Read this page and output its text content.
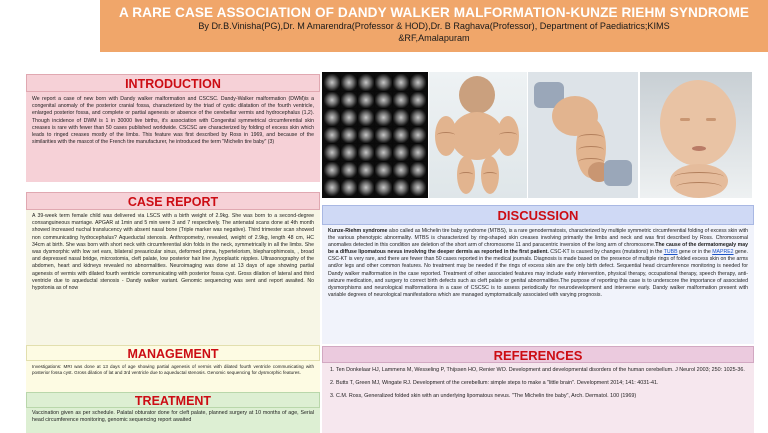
A RARE CASE ASSOCIATION OF DANDY WALKER MALFORMATION-KUNZE RIEHM SYNDROME
By Dr.B.Vinisha(PG),Dr. M Amarendra(Professor & HOD),Dr. B Raghava(Professor), Department of Paediatrics;KIMS
&RF,Amalapuram
INTRODUCTION
We report a case of new born with Dandy walker malformation and CSCSC. Dandy-Walker malformation (DWM)is a congenital anomaly of the posterior cranial fossa, characterized by the triad of cystic dilatation of the fourth ventricle, enlarged posterior fossa, and complete or partial agenesis or absence of the cerebellar vermis and hydrocephalus (1,2). Though incidence of DWM is 1 in 30000 live births, it's association with Congenital symmetrical circumferential skin creases is rare with fewer than 50 cases published worldwide. CSCSC are characterized by folding of excess skin which leads to ringed creases mostly of the limbs. This feature was first described by Ross in 1969, and because of the similarities with the mascot of the French tire manufacturer, he introduced the term "Michelin tire baby" (3)
CASE REPORT
A 39-week term female child was delivered via LSCS with a birth weight of 2.9kg. She was born to a second-degree consanguineous marriage. APGAR at 1min and 5 min were 3 and 7 respectively. The antenatal scans done at 4th month showed increased nuchal translucency with absent nasal bone (Triple marker was negative). Third trimester scan showed non communicating hydrocephalus? Aqueductal stenosis. Anthropometry, revealed, weight of 2.9kg, length 48 cm, HC 34cm at birth. She was born with short neck with circumferential skin folds in the neck, symmetrically in all the limbs. She was dysmorphic with low set ears, bilateral preauricular sinus, deformed pinna, hypertelorism, blepharophimosis, , broad and depressed nasal bridge, microstomia, cleft palate, low posterior hair line ,hypoplastic nipples. Ultrasonography of the abdomen, heart and kidneys revealed no abnormalities. Neuroimaging was done at 13 days of age showing partial agenesis of vermis with dilated fourth ventricle communicating with posterior fossa cyst. Gross dilation of lateral and third ventricle due to aqueductal stenosis - Dandy walker variant. Genomic sequencing was sent and report awaited. No hypotonia as of now
MANAGEMENT
Investigations: MRI was done at 13 days of age showing partial agenesis of vermis with dilated fourth ventricle communicating with posterior fossa cyst. Gross dilation of lat and 3rd ventricle due to aqueductal stenosis. Genomic sequencing for dysmorphic features.
TREATMENT
Vaccination given as per schedule. Palatal obturator done for cleft palate, planned surgery at 10 months of age, Serial head circumference monitoring, genomic sequencing report awaited
DISCUSSION
Kunze-Riehm syndrome also called as Michelin tire baby syndrome (MTBS), is a rare genodermatosis, characterized by multiple symmetric circumferential folding of excess skin with the various phenotypic abnormality. MTBS is characterized by ring-shaped skin creases involving primarily the limbs and neck and was first described by Ross. Chromosomal anomalies detected in this condition are deletion of the short arm of chromosome 11 and paracentric inversion of the long arm of chromosome.The cause of the dermatomegaly may be a diffuse lipomatous nevus involving the deeper dermis as reported in the first patient. CSC-KT is caused by changes (mutations) in the TUBB gene or in the MAPRE2 gene. CSC-KT is very rare, and there are fewer than 50 cases reported in the medical journals. Diagnosis is made based on the presence of multiple rings of folded excess skin on the arms and/or legs and other common features. No treatment may be needed if the rings of excess skin are the only birth defect. Sequential head circumference monitoring is needed for Dandy walker malformation in the case reported. Treatment of other associated features may include early intervention, physical therapy, occupational therapy, speech therapy, anti-seizure medication, and surgery to correct birth defects such as cleft palate or genital abnormalities.The purpose of reporting this case is to underscore the importance of associated dysmorphisms and neurological malformations in a case of CSCSC is to assess periodically for neurodevelopment and intervene early. Dandy walker malformation present with variable degrees of neurological manifestations which are managed symptomatically associated with varying prognosis.
REFERENCES
1. Ten Donkelaar HJ, Lammens M, Wesseling P, Thijssen HO, Renier WO. Development and developmental disorders of the human cerebellum. J Neurol 2003; 250: 1025-36.
2. Butts T, Green MJ, Wingate RJ. Development of the cerebellum: simple steps to make a "little brain". Development 2014; 141: 4031-41.
3. C.M. Ross, Generalized folded skin with an underlying lipomatous nevus. "The Michelin tire baby", Arch. Dermatol. 100 (1969)
